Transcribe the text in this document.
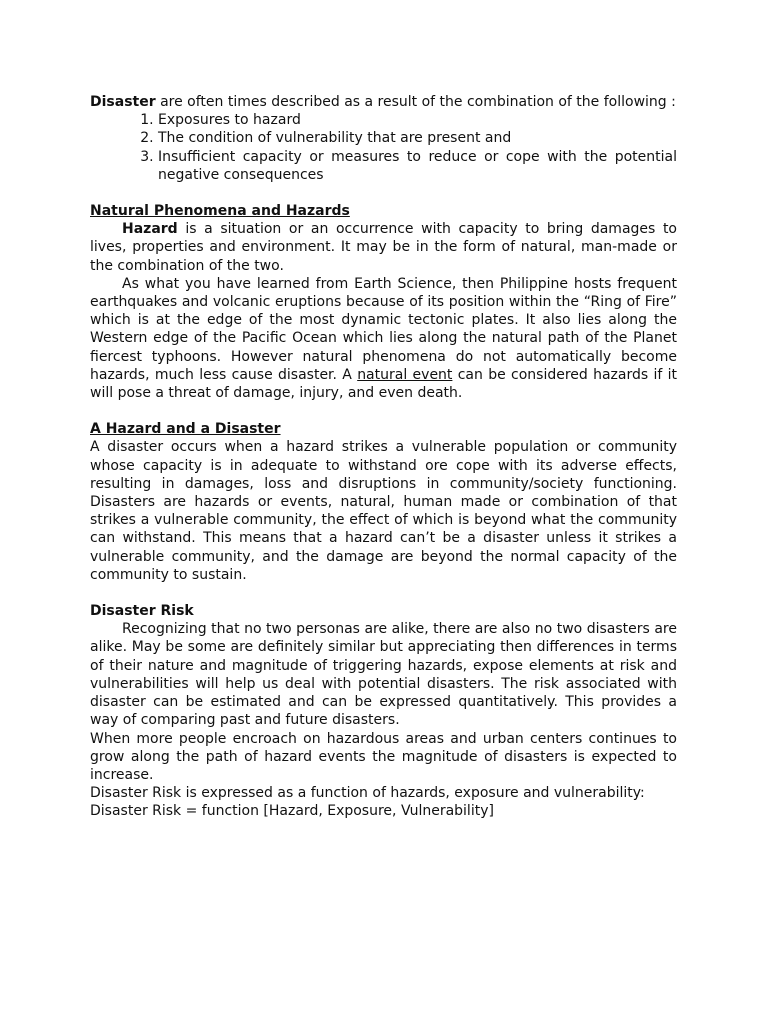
Disaster are often times described as a result of the combination of the following :

1. Exposures to hazard
2. The condition of vulnerability that are present and
3. Insufficient capacity or measures to reduce or cope with the potential negative consequences

Natural Phenomena and Hazards

Hazard is a situation or an occurrence with capacity to bring damages to lives, properties and environment. It may be in the form of natural, man-made or the combination of the two.

As what you have learned from Earth Science, then Philippine hosts frequent earthquakes and volcanic eruptions because of its position within the “Ring of Fire” which is at the edge of the most dynamic tectonic plates. It also lies along the Western edge of the Pacific Ocean which lies along the natural path of the Planet fiercest typhoons. However natural phenomena do not automatically become hazards, much less cause disaster. A natural event can be considered hazards if it will pose a threat of damage, injury, and even death.

A Hazard and a Disaster

A disaster occurs when a hazard strikes a vulnerable population or community whose capacity is in adequate to withstand ore cope with its adverse effects, resulting in damages, loss and disruptions in community/society functioning. Disasters are hazards or events, natural, human made or combination of that strikes a vulnerable community, the effect of which is beyond what the community can withstand. This means that a hazard can’t be a disaster unless it strikes a vulnerable community, and the damage are beyond the normal capacity of the community to sustain.

Disaster Risk

Recognizing that no two personas are alike, there are also no two disasters are alike. May be some are definitely similar but appreciating then differences in terms of their nature and magnitude of triggering hazards, expose elements at risk and vulnerabilities will help us deal with potential disasters. The risk associated with disaster can be estimated and can be expressed quantitatively. This provides a way of comparing past and future disasters.

When more people encroach on hazardous areas and urban centers continues to grow along the path of hazard events the magnitude of disasters is expected to increase.

Disaster Risk is expressed as a function of hazards, exposure and vulnerability:

Disaster Risk = function [Hazard, Exposure, Vulnerability]
